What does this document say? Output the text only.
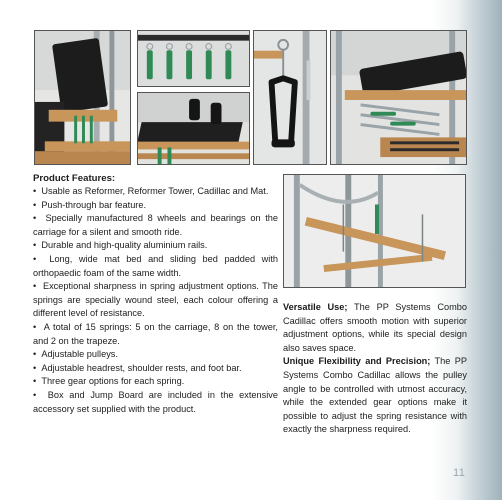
Product Features:
•  Usable as Reformer, Reformer Tower, Cadillac and Mat.
•  Push-through bar feature.
•  Specially manufactured 8 wheels and bearings on the carriage for a silent and smooth ride.
•  Durable and high-quality aluminium rails.
•  Long, wide mat bed and sliding bed padded with orthopaedic foam of the same width.
•  Exceptional sharpness in spring adjustment options. The springs are specially wound steel, each colour offering a different level of resistance.
•  A total of 15 springs: 5 on the carriage, 8 on the tower, and 2 on the trapeze.
•  Adjustable pulleys.
•  Adjustable headrest, shoulder rests, and foot bar.
•  Three gear options for each spring.
•  Box and Jump Board are included in the extensive accessory set supplied with the product.

Versatile Use; The PP Systems Combo Cadillac offers smooth motion with superior adjustment options, while its special design also saves space.

Unique Flexibility and Precision; The PP Systems Combo Cadillac allows the pulley angle to be controlled with utmost accuracy, while the extended gear options make it possible to adjust the spring resistance with exactly the sharpness required.

11
